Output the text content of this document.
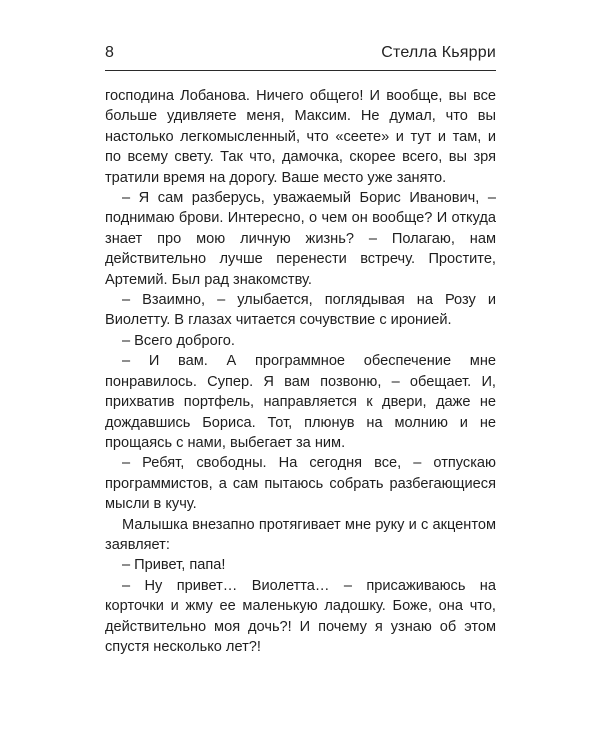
8	Стелла Кьярри

господина Лобанова. Ничего общего! И вообще, вы все больше удивляете меня, Максим. Не думал, что вы настолько легкомысленный, что «сеете» и тут и там, и по всему свету. Так что, дамочка, скорее всего, вы зря тратили время на дорогу. Ваше место уже занято.

– Я сам разберусь, уважаемый Борис Иванович, – поднимаю брови. Интересно, о чем он вообще? И откуда знает про мою личную жизнь? – Полагаю, нам действительно лучше перенести встречу. Простите, Артемий. Был рад знакомству.

– Взаимно, – улыбается, поглядывая на Розу и Виолетту. В глазах читается сочувствие с иронией.

– Всего доброго.

– И вам. А программное обеспечение мне понравилось. Супер. Я вам позвоню, – обещает. И, прихватив портфель, направляется к двери, даже не дождавшись Бориса. Тот, плюнув на молнию и не прощаясь с нами, выбегает за ним.

– Ребят, свободны. На сегодня все, – отпускаю программистов, а сам пытаюсь собрать разбегающиеся мысли в кучу.

Малышка внезапно протягивает мне руку и с акцентом заявляет:

– Привет, папа!

– Ну привет… Виолетта… – присаживаюсь на корточки и жму ее маленькую ладошку. Боже, она что, действительно моя дочь?! И почему я узнаю об этом спустя несколько лет?!
